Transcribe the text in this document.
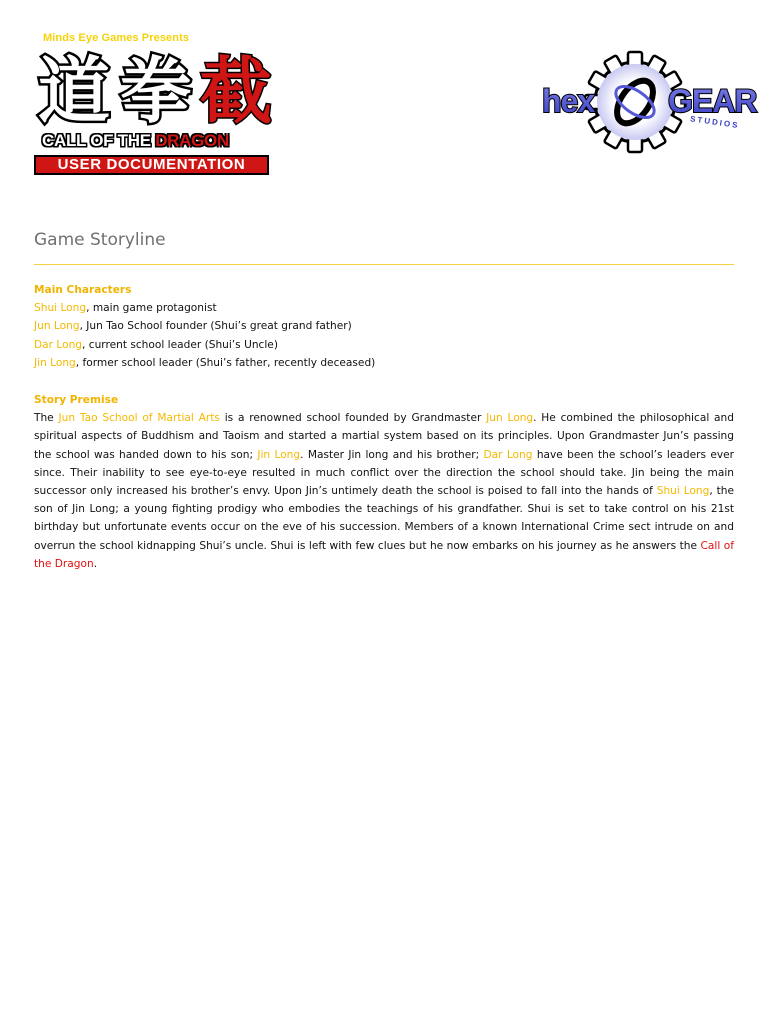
Minds Eye Games Presents
道 拳 截
CALL OF THE DRAGON
USER DOCUMENTATION
hex GEAR
STUDIOS
Game Storyline

Main Characters

Shui Long, main game protagonist
Jun Long, Jun Tao School founder (Shui’s great grand father)
Dar Long, current school leader (Shui’s Uncle)
Jin Long, former school leader (Shui’s father, recently deceased)

Story Premise

The Jun Tao School of Martial Arts is a renowned school founded by Grandmaster Jun Long. He combined the philosophical and spiritual aspects of Buddhism and Taoism and started a martial system based on its principles. Upon Grandmaster Jun’s passing the school was handed down to his son; Jin Long. Master Jin long and his brother; Dar Long have been the school’s leaders ever since. Their inability to see eye-to-eye resulted in much conflict over the direction the school should take. Jin being the main successor only increased his brother’s envy. Upon Jin’s untimely death the school is poised to fall into the hands of Shui Long, the son of Jin Long; a young fighting prodigy who embodies the teachings of his grandfather. Shui is set to take control on his 21st birthday but unfortunate events occur on the eve of his succession. Members of a known International Crime sect intrude on and overrun the school kidnapping Shui’s uncle. Shui is left with few clues but he now embarks on his journey as he answers the Call of the Dragon.
